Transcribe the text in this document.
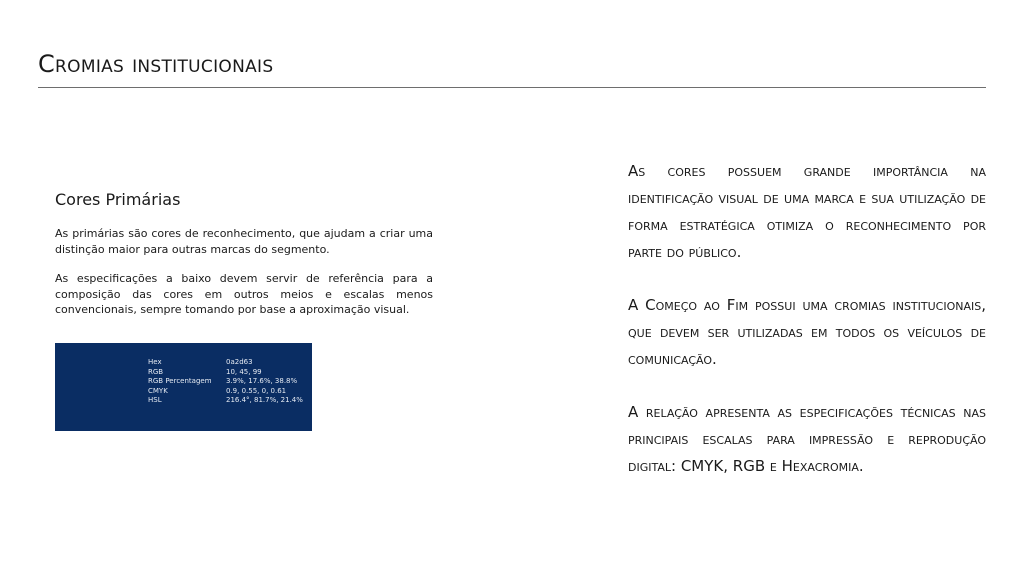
Cromias institucionais
Cores Primárias

As primárias são cores de reconhecimento, que ajudam a criar uma distinção maior para outras marcas do segmento.

As especificações a baixo devem servir de referência para a composição das cores em outros meios e escalas menos convencionais, sempre tomando por base a aproximação visual.

Hex	0a2d63
RGB	10, 45, 99
RGB Percentagem	3.9%, 17.6%, 38.8%
CMYK	0.9, 0.55, 0, 0.61
HSL	216.4°, 81.7%, 21.4%

As cores possuem grande importância na identificação visual de uma marca e sua utilização de forma estratégica otimiza o reconhecimento por parte do público.

A Começo ao Fim possui uma cromias institucionais, que devem ser utilizadas em todos os veículos de comunicação.

A relação apresenta as especificações técnicas nas principais escalas para impressão e reprodução digital: CMYK, RGB e Hexacromia.
